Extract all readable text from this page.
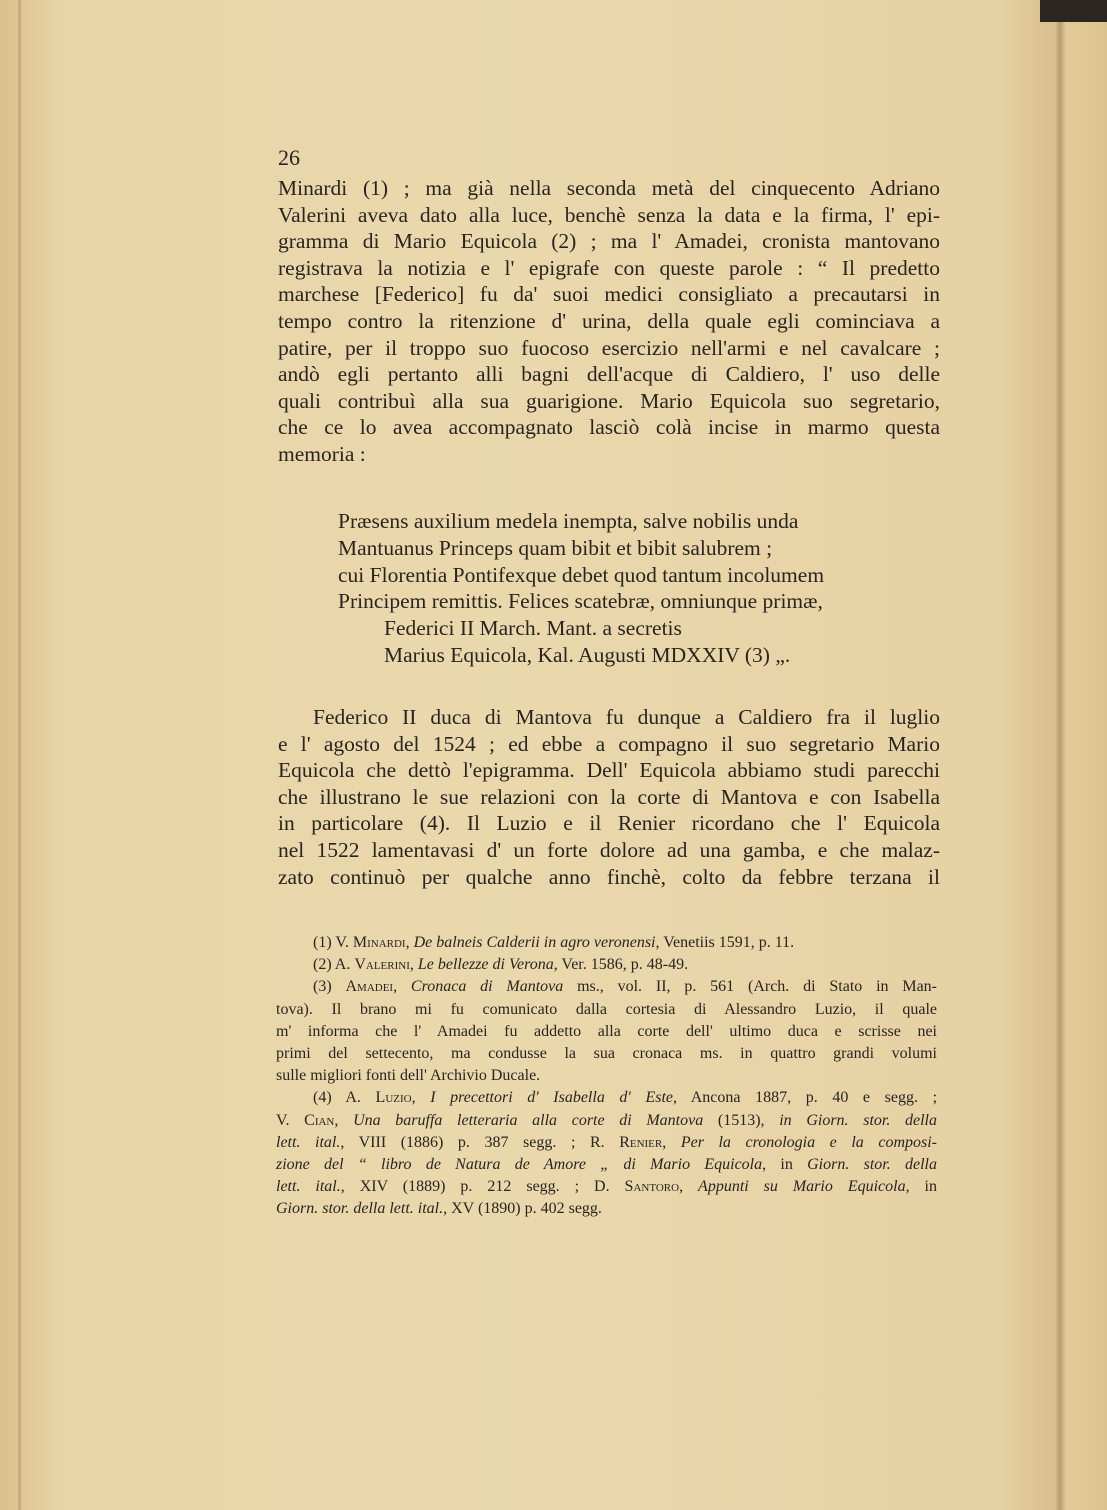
26
Minardi (1) ; ma già nella seconda metà del cinquecento Adriano
Valerini aveva dato alla luce, benchè senza la data e la firma, l' epi-
gramma di Mario Equicola (2) ; ma l' Amadei, cronista mantovano
registrava la notizia e l' epigrafe con queste parole : “ Il predetto
marchese [Federico] fu da' suoi medici consigliato a precautarsi in
tempo contro la ritenzione d' urina, della quale egli cominciava a
patire, per il troppo suo fuocoso esercizio nell'armi e nel cavalcare ;
andò egli pertanto alli bagni dell'acque di Caldiero, l' uso delle
quali contribuì alla sua guarigione. Mario Equicola suo segretario,
che ce lo avea accompagnato lasciò colà incise in marmo questa
memoria :
Præsens auxilium medela inempta, salve nobilis unda
Mantuanus Princeps quam bibit et bibit salubrem ;
cui Florentia Pontifexque debet quod tantum incolumem
Principem remittis. Felices scatebræ, omniunque primæ,
Federici II March. Mant. a secretis
Marius Equicola, Kal. Augusti MDXXIV (3) „.
Federico II duca di Mantova fu dunque a Caldiero fra il luglio
e l' agosto del 1524 ; ed ebbe a compagno il suo segretario Mario
Equicola che dettò l'epigramma. Dell' Equicola abbiamo studi parecchi
che illustrano le sue relazioni con la corte di Mantova e con Isabella
in particolare (4). Il Luzio e il Renier ricordano che l' Equicola
nel 1522 lamentavasi d' un forte dolore ad una gamba, e che malaz-
zato continuò per qualche anno finchè, colto da febbre terzana il
(1) V. Minardi, De balneis Calderii in agro veronensi, Venetiis 1591, p. 11.
(2) A. Valerini, Le bellezze di Verona, Ver. 1586, p. 48-49.
(3) Amadei, Cronaca di Mantova ms., vol. II, p. 561 (Arch. di Stato in Man-
tova). Il brano mi fu comunicato dalla cortesia di Alessandro Luzio, il quale
m' informa che l' Amadei fu addetto alla corte dell' ultimo duca e scrisse nei
primi del settecento, ma condusse la sua cronaca ms. in quattro grandi volumi
sulle migliori fonti dell' Archivio Ducale.
(4) A. Luzio, I precettori d' Isabella d' Este, Ancona 1887, p. 40 e segg. ;
V. Cian, Una baruffa letteraria alla corte di Mantova (1513), in Giorn. stor. della
lett. ital., VIII (1886) p. 387 segg. ; R. Renier, Per la cronologia e la composi-
zione del “ libro de Natura de Amore „ di Mario Equicola, in Giorn. stor. della
lett. ital., XIV (1889) p. 212 segg. ; D. Santoro, Appunti su Mario Equicola, in
Giorn. stor. della lett. ital., XV (1890) p. 402 segg.
